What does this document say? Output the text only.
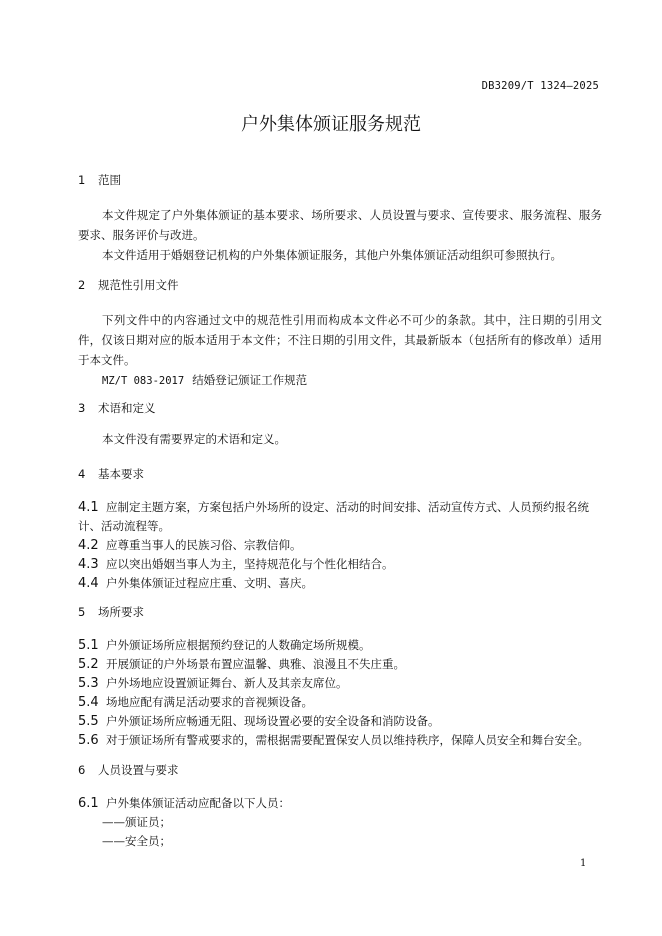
DB3209/T 1324—2025
户外集体颁证服务规范
1 范围
本文件规定了户外集体颁证的基本要求、场所要求、人员设置与要求、宣传要求、服务流程、服务要求、服务评价与改进。
本文件适用于婚姻登记机构的户外集体颁证服务，其他户外集体颁证活动组织可参照执行。
2 规范性引用文件
下列文件中的内容通过文中的规范性引用而构成本文件必不可少的条款。其中，注日期的引用文件，仅该日期对应的版本适用于本文件；不注日期的引用文件，其最新版本（包括所有的修改单）适用于本文件。
MZ/T 083-2017 结婚登记颁证工作规范
3 术语和定义
本文件没有需要界定的术语和定义。
4 基本要求
4.1 应制定主题方案，方案包括户外场所的设定、活动的时间安排、活动宣传方式、人员预约报名统计、活动流程等。
4.2 应尊重当事人的民族习俗、宗教信仰。
4.3 应以突出婚姻当事人为主，坚持规范化与个性化相结合。
4.4 户外集体颁证过程应庄重、文明、喜庆。
5 场所要求
5.1 户外颁证场所应根据预约登记的人数确定场所规模。
5.2 开展颁证的户外场景布置应温馨、典雅、浪漫且不失庄重。
5.3 户外场地应设置颁证舞台、新人及其亲友席位。
5.4 场地应配有满足活动要求的音视频设备。
5.5 户外颁证场所应畅通无阻、现场设置必要的安全设备和消防设备。
5.6 对于颁证场所有警戒要求的，需根据需要配置保安人员以维持秩序，保障人员安全和舞台安全。
6 人员设置与要求
6.1 户外集体颁证活动应配备以下人员：
——颁证员；
——安全员；
1
